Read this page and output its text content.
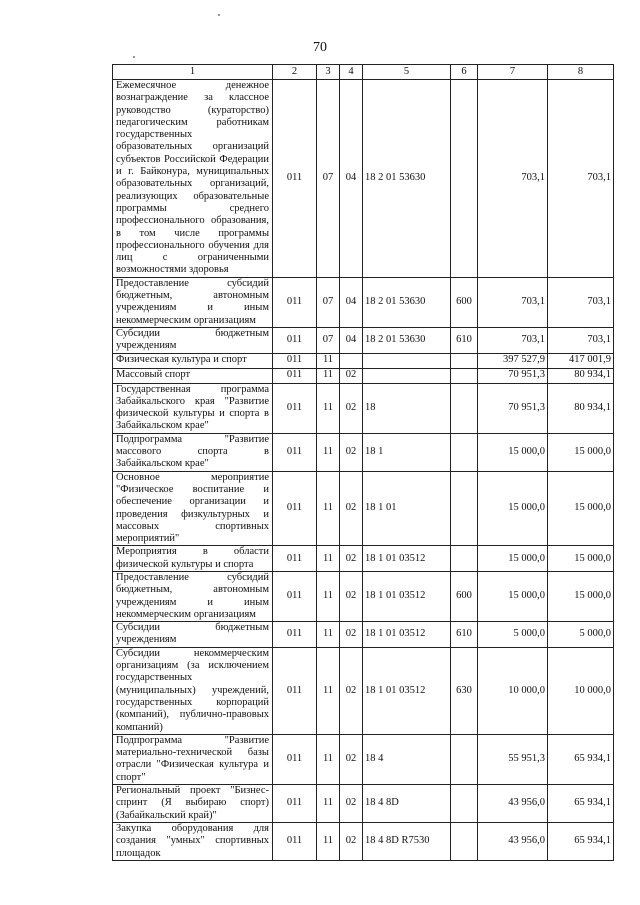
70
1	2	3	4	5	6	7	8
Ежемесячное денежное вознаграждение за классное руководство (кураторство) педагогическим работникам государственных образовательных организаций субъектов Российской Федерации и г. Байконура, муниципальных образовательных организаций, реализующих образовательные программы среднего профессионального образования, в том числе программы профессионального обучения для лиц с ограниченными возможностями здоровья	011	07	04	18 2 01 53630		703,1	703,1
Предоставление субсидий бюджетным, автономным учреждениям и иным некоммерческим организациям	011	07	04	18 2 01 53630	600	703,1	703,1
Субсидии бюджетным учреждениям	011	07	04	18 2 01 53630	610	703,1	703,1
Физическая культура и спорт	011	11				397 527,9	417 001,9
Массовый спорт	011	11	02			70 951,3	80 934,1
Государственная программа Забайкальского края "Развитие физической культуры и спорта в Забайкальском крае"	011	11	02	18		70 951,3	80 934,1
Подпрограмма "Развитие массового спорта в Забайкальском крае"	011	11	02	18 1		15 000,0	15 000,0
Основное мероприятие "Физическое воспитание и обеспечение организации и проведения физкультурных и массовых спортивных мероприятий"	011	11	02	18 1 01		15 000,0	15 000,0
Мероприятия в области физической культуры и спорта	011	11	02	18 1 01 03512		15 000,0	15 000,0
Предоставление субсидий бюджетным, автономным учреждениям и иным некоммерческим организациям	011	11	02	18 1 01 03512	600	15 000,0	15 000,0
Субсидии бюджетным учреждениям	011	11	02	18 1 01 03512	610	5 000,0	5 000,0
Субсидии некоммерческим организациям (за исключением государственных (муниципальных) учреждений, государственных корпораций (компаний), публично-правовых компаний)	011	11	02	18 1 01 03512	630	10 000,0	10 000,0
Подпрограмма "Развитие материально-технической базы отрасли "Физическая культура и спорт"	011	11	02	18 4		55 951,3	65 934,1
Региональный проект "Бизнес-спринт (Я выбираю спорт) (Забайкальский край)"	011	11	02	18 4 8D		43 956,0	65 934,1
Закупка оборудования для создания "умных" спортивных площадок	011	11	02	18 4 8D R7530		43 956,0	65 934,1
